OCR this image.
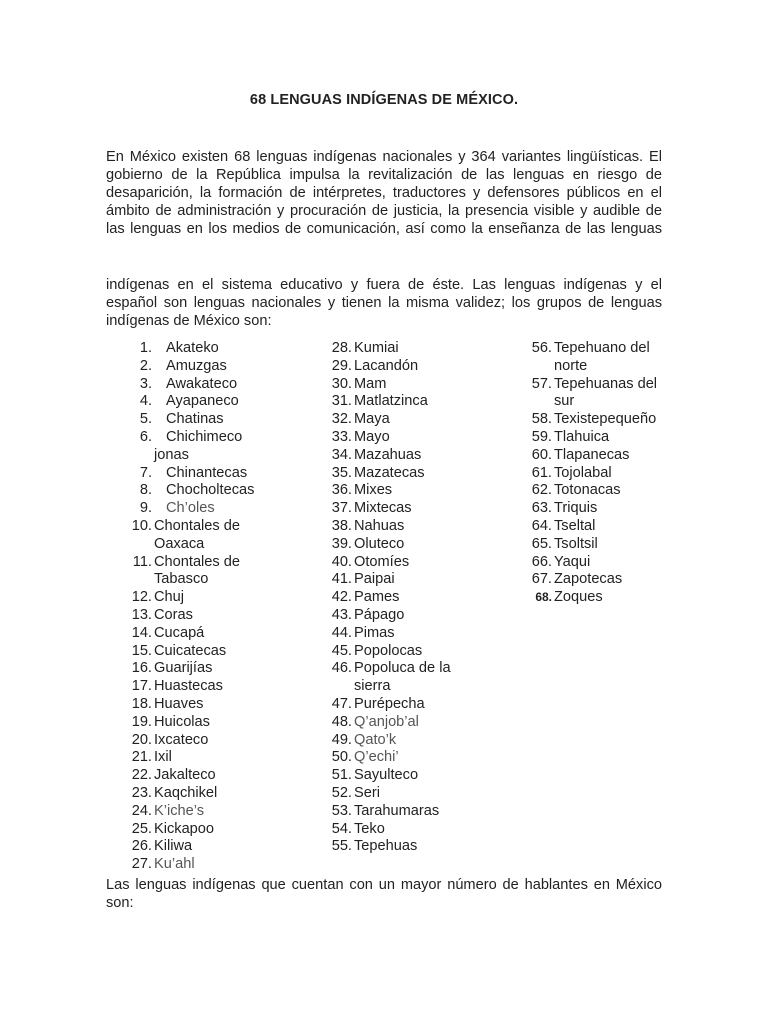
68 LENGUAS INDÍGENAS DE MÉXICO.
En México existen 68 lenguas indígenas nacionales y 364 variantes lingüísticas. El
gobierno de la República impulsa la revitalización de las lenguas en riesgo de
desaparición, la formación de intérpretes, traductores y defensores públicos en el
ámbito de administración y procuración de justicia, la presencia visible y audible de
las lenguas en los medios de comunicación, así como la enseñanza de las lenguas
indígenas en el sistema educativo y fuera de éste. Las lenguas indígenas y el
español son lenguas nacionales y tienen la misma validez; los grupos de lenguas
indígenas de México son:
1. Akateko
2. Amuzgas
3. Awakateco
4. Ayapaneco
5. Chatinas
6. Chichimeco
jonas
7. Chinantecas
8. Chocholtecas
9. Ch’oles
10. Chontales de
Oaxaca
11. Chontales de
Tabasco
12. Chuj
13. Coras
14. Cucapá
15. Cuicatecas
16. Guarijías
17. Huastecas
18. Huaves
19. Huicolas
20. Ixcateco
21. Ixil
22. Jakalteco
23. Kaqchikel
24. K’iche’s
25. Kickapoo
26. Kiliwa
27. Ku’ahl
28. Kumiai
29. Lacandón
30. Mam
31. Matlatzinca
32. Maya
33. Mayo
34. Mazahuas
35. Mazatecas
36. Mixes
37. Mixtecas
38. Nahuas
39. Oluteco
40. Otomíes
41. Paipai
42. Pames
43. Pápago
44. Pimas
45. Popolocas
46. Popoluca de la
sierra
47. Purépecha
48. Q’anjob’al
49. Qato’k
50. Q’echi’
51. Sayulteco
52. Seri
53. Tarahumaras
54. Teko
55. Tepehuas
56. Tepehuano del
norte
57. Tepehuanas del
sur
58. Texistepequeño
59. Tlahuica
60. Tlapanecas
61. Tojolabal
62. Totonacas
63. Triquis
64. Tseltal
65. Tsoltsil
66. Yaqui
67. Zapotecas
68. Zoques
Las lenguas indígenas que cuentan con un mayor número de hablantes en México
son:
